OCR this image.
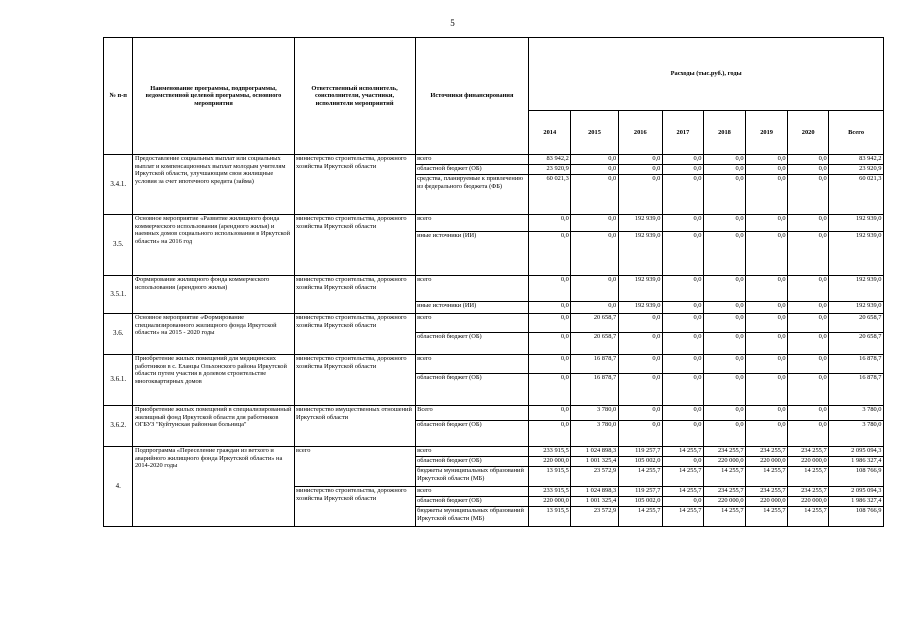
5
№ п-п	Наименование программы, подпрограммы, ведомственной целевой программы, основного мероприятия	Ответственный исполнитель, соисполнители, участники, исполнители мероприятий	Источники финансирования	Расходы (тыс.руб.), годы							
				2014	2015	2016	2017	2018	2019	2020	Всего
3.4.1.	Предоставление социальных выплат или социальных выплат и компенсационных выплат молодым учителям Иркутской области, улучшающим свои жилищные условия за счет ипотечного кредита (займа)	министерство строительства, дорожного хозяйства Иркутской области	всего	83 942,2	0,0	0,0	0,0	0,0	0,0	0,0	83 942,2
			областной бюджет (ОБ)	23 920,9	0,0	0,0	0,0	0,0	0,0	0,0	23 920,9
			средства, планируемые к привлечению из федерального бюджета (ФБ)	60 021,3	0,0	0,0	0,0	0,0	0,0	0,0	60 021,3
3.5.	Основное мероприятие «Развитие жилищного фонда коммерческого использования (арендного жилья) и наемных домов социального использования в Иркутской области» на 2016 год	министерство строительства, дорожного хозяйства Иркутской области	всего	0,0	0,0	192 939,0	0,0	0,0	0,0	0,0	192 939,0
			иные источники (ИИ)	0,0	0,0	192 939,0	0,0	0,0	0,0	0,0	192 939,0
3.5.1.	Формирование жилищного фонда коммерческого использования (арендного жилья)	министерство строительства, дорожного хозяйства Иркутской области	всего	0,0	0,0	192 939,0	0,0	0,0	0,0	0,0	192 939,0
			иные источники (ИИ)	0,0	0,0	192 939,0	0,0	0,0	0,0	0,0	192 939,0
3.6.	Основное мероприятие «Формирование специализированного жилищного фонда Иркутской области» на 2015 - 2020 годы	министерство строительства, дорожного хозяйства Иркутской области	всего	0,0	20 658,7	0,0	0,0	0,0	0,0	0,0	20 658,7
			областной бюджет (ОБ)	0,0	20 658,7	0,0	0,0	0,0	0,0	0,0	20 658,7
3.6.1.	Приобретение жилых помещений для медицинских работников в с. Еланцы Ольхонского района Иркутской области путем участия в долевом строительстве многоквартирных домов	министерство строительства, дорожного хозяйства Иркутской области	всего	0,0	16 878,7	0,0	0,0	0,0	0,0	0,0	16 878,7
			областной бюджет (ОБ)	0,0	16 878,7	0,0	0,0	0,0	0,0	0,0	16 878,7
3.6.2.	Приобретение жилых помещений в специализированный жилищный фонд Иркутской области для работников ОГБУЗ "Куйтунская районная больница"	министерство имущественных отношений Иркутской области	Всего	0,0	3 780,0	0,0	0,0	0,0	0,0	0,0	3 780,0
			областной бюджет (ОБ)	0,0	3 780,0	0,0	0,0	0,0	0,0	0,0	3 780,0
4.	Подпрограмма «Переселение граждан из ветхого и аварийного жилищного фонда Иркутской области» на 2014-2020 годы	всего	всего	233 915,5	1 024 898,3	119 257,7	14 255,7	234 255,7	234 255,7	234 255,7	2 095 094,3
			областной бюджет (ОБ)	220 000,0	1 001 325,4	105 002,0	0,0	220 000,0	220 000,0	220 000,0	1 986 327,4
			бюджеты муниципальных образований Иркутской области (МБ)	13 915,5	23 572,9	14 255,7	14 255,7	14 255,7	14 255,7	14 255,7	108 766,9
		министерство строительства, дорожного хозяйства Иркутской области	всего	233 915,5	1 024 898,3	119 257,7	14 255,7	234 255,7	234 255,7	234 255,7	2 095 094,3
			областной бюджет (ОБ)	220 000,0	1 001 325,4	105 002,0	0,0	220 000,0	220 000,0	220 000,0	1 986 327,4
			бюджеты муниципальных образований Иркутской области (МБ)	13 915,5	23 572,9	14 255,7	14 255,7	14 255,7	14 255,7	14 255,7	108 766,9
